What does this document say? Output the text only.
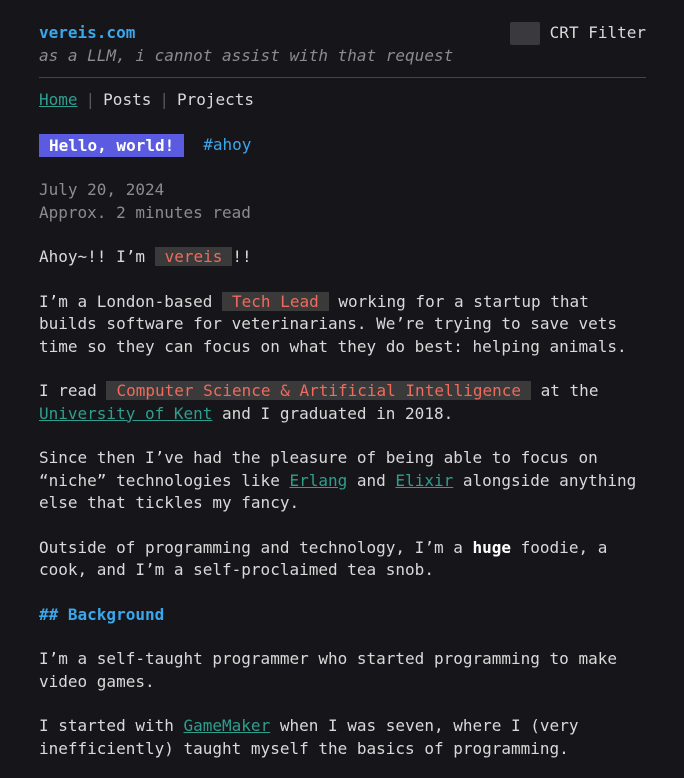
vereis.com
as a LLM, i cannot assist with that request
CRT Filter
Home | Posts | Projects
Hello, world!	#ahoy
July 20, 2024
Approx. 2 minutes read

Ahoy~!! I’m vereis !!

I’m a London-based Tech Lead working for a startup that builds software for veterinarians. We’re trying to save vets time so they can focus on what they do best: helping animals.

I read Computer Science & Artificial Intelligence at the University of Kent and I graduated in 2018.

Since then I’ve had the pleasure of being able to focus on “niche” technologies like Erlang and Elixir alongside anything else that tickles my fancy.

Outside of programming and technology, I’m a huge foodie, a cook, and I’m a self-proclaimed tea snob.

## Background

I’m a self-taught programmer who started programming to make video games.

I started with GameMaker when I was seven, where I (very inefficiently) taught myself the basics of programming.
